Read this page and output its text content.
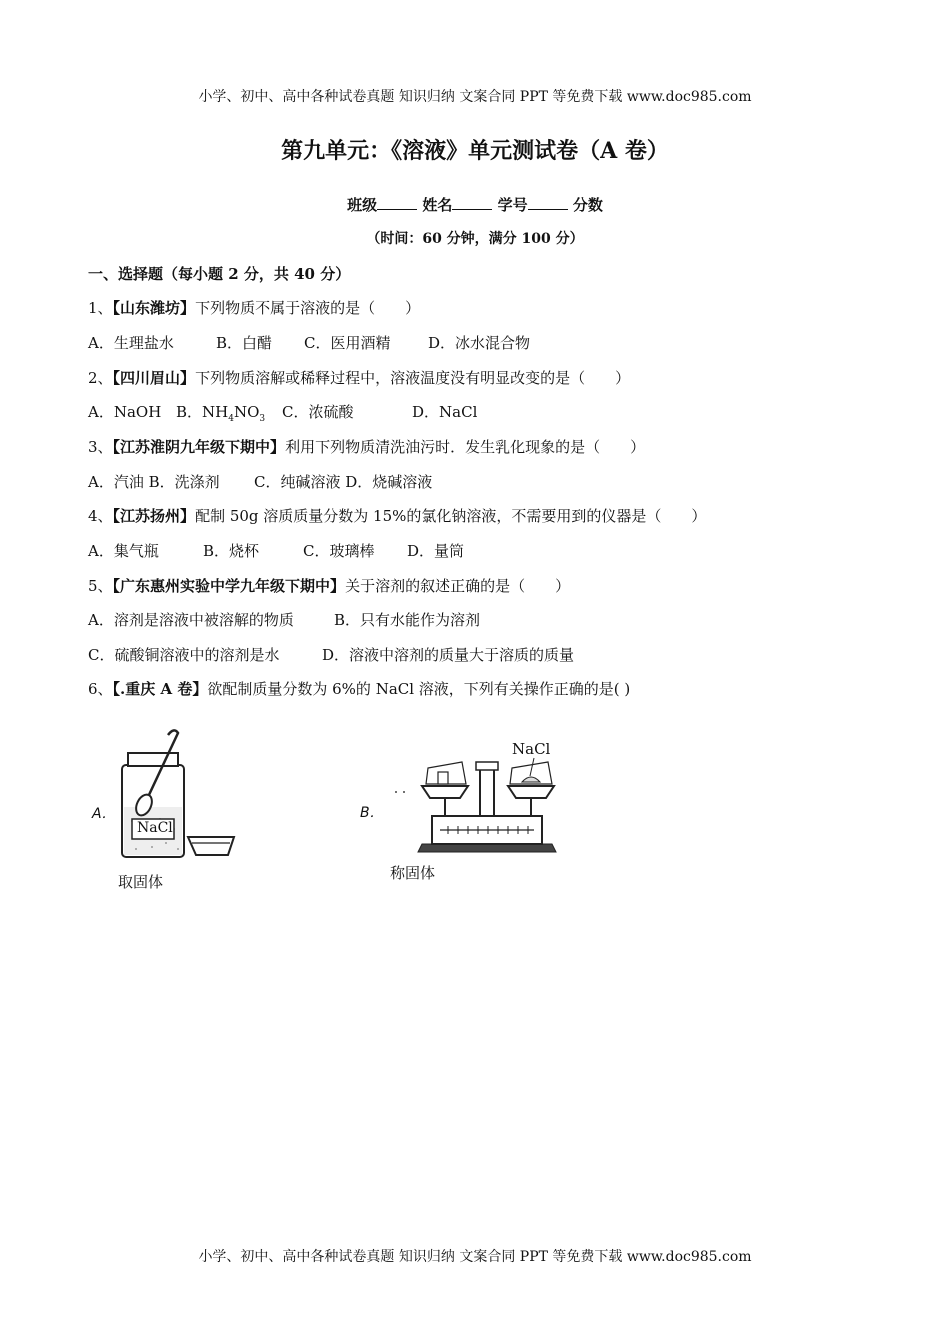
小学、初中、高中各种试卷真题 知识归纳 文案合同 PPT 等免费下载 www.doc985.com
第九单元：《溶液》单元测试卷（A 卷）
班级	姓名	学号	分数
（时间：60 分钟，满分 100 分）
一、选择题（每小题 2 分，共 40 分）
1、【山东潍坊】下列物质不属于溶液的是（　　）
A．生理盐水	B．白醋 C．医用酒精	D．冰水混合物
2、【四川眉山】下列物质溶解或稀释过程中，溶液温度没有明显改变的是（　　）
A．NaOH B．$NH_4NO_3$ C．浓硫酸	D．NaCl
3、【江苏淮阴九年级下期中】利用下列物质清洗油污时．发生乳化现象的是（　　）
A．汽油 B．洗涤剂 C．纯碱溶液 D．烧碱溶液
4、【江苏扬州】配制 50g 溶质质量分数为 15%的氯化钠溶液，不需要用到的仪器是（　　）
A．集气瓶	B．烧杯	C．玻璃棒 D．量筒
5、【广东惠州实验中学九年级下期中】关于溶剂的叙述正确的是（　　）
A．溶剂是溶液中被溶解的物质	B．只有水能作为溶剂
C．硫酸铜溶液中的溶剂是水	D．溶液中溶剂的质量大于溶质的质量
6、【.重庆 A 卷】欲配制质量分数为 6%的 NaCl 溶液，下列有关操作正确的是( )
A．
NaCl
取固体
B．
NaCl
称固体
小学、初中、高中各种试卷真题 知识归纳 文案合同 PPT 等免费下载 www.doc985.com
